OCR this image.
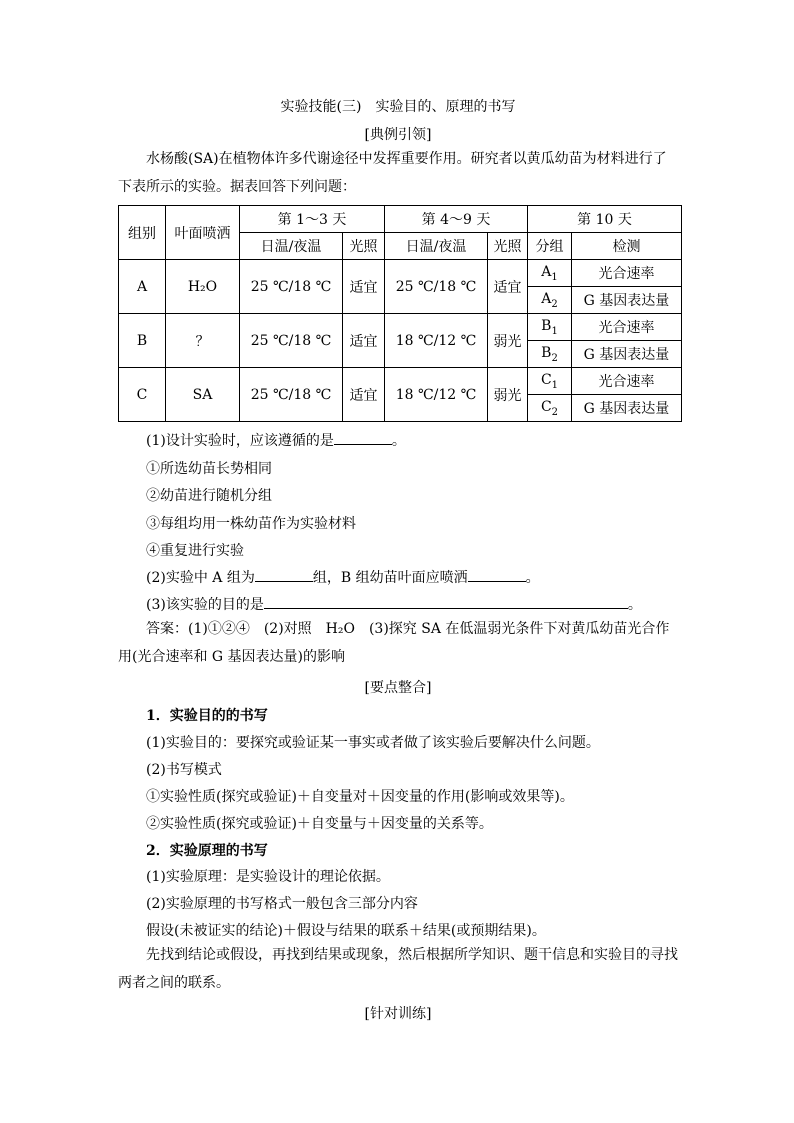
实验技能(三)　实验目的、原理的书写
[典例引领]
水杨酸(SA)在植物体许多代谢途径中发挥重要作用。研究者以黄瓜幼苗为材料进行了下表所示的实验。据表回答下列问题：
组别	叶面喷洒	第 1～3 天		第 4～9 天		第 10 天	
		日温/夜温	光照	日温/夜温	光照	分组	检测
A	H₂O	25 ℃/18 ℃	适宜	25 ℃/18 ℃	适宜	$A_1$	光合速率
						$A_2$	G 基因表达量
B	？	25 ℃/18 ℃	适宜	18 ℃/12 ℃	弱光	$B_1$	光合速率
						$B_2$	G 基因表达量
C	SA	25 ℃/18 ℃	适宜	18 ℃/12 ℃	弱光	$C_1$	光合速率
						$C_2$	G 基因表达量
(1)设计实验时，应该遵循的是	。
①所选幼苗长势相同
②幼苗进行随机分组
③每组均用一株幼苗作为实验材料
④重复进行实验
(2)实验中 A 组为	组，B 组幼苗叶面应喷洒	。
(3)该实验的目的是	。
答案：(1)①②④　(2)对照　H₂O　(3)探究 SA 在低温弱光条件下对黄瓜幼苗光合作用(光合速率和 G 基因表达量)的影响
[要点整合]
1．实验目的的书写
(1)实验目的：要探究或验证某一事实或者做了该实验后要解决什么问题。
(2)书写模式
①实验性质(探究或验证)＋自变量对＋因变量的作用(影响或效果等)。
②实验性质(探究或验证)＋自变量与＋因变量的关系等。
2．实验原理的书写
(1)实验原理：是实验设计的理论依据。
(2)实验原理的书写格式一般包含三部分内容
假设(未被证实的结论)＋假设与结果的联系＋结果(或预期结果)。
先找到结论或假设，再找到结果或现象，然后根据所学知识、题干信息和实验目的寻找两者之间的联系。
[针对训练]
